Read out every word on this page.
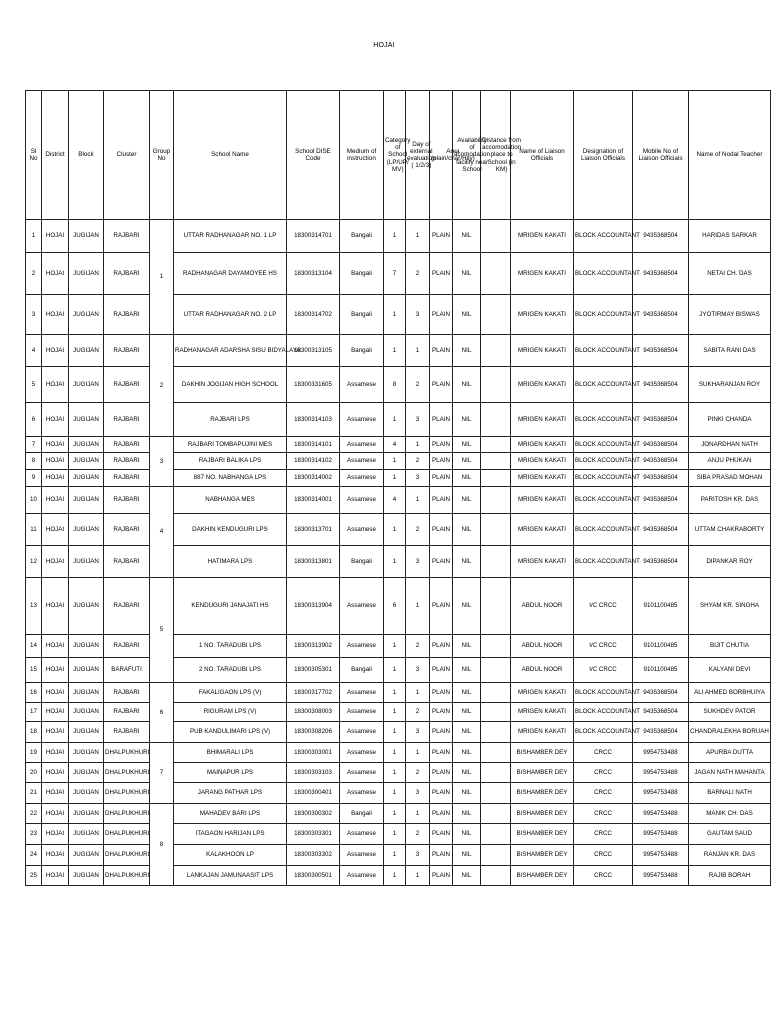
HOJAI
Sl No	District	Block	Cluster	Group No	School Name	School DISE Code	Medium of instruction	Category of School (LP/UP/ MV)	Day of external evaluation ( 1/2/3)	Area (plain/char/Hily)	Availability of acomodation facility near School	Distance from accomodation place to School (in KM)	Name of Liaison Officials	Designation of Liaison Officials	Mobile No of Liaison Officials	Name of Nodal Teacher
1	HOJAI	JUGIJAN	RAJBARI	1	UTTAR RADHANAGAR NO. 1 LP	18300314701	Bangali	1	1	PLAIN	NIL		MRIGEN KAKATI	BLOCK ACCOUNTANT	9435368504	HARIDAS SARKAR
2	HOJAI	JUGIJAN	RAJBARI		RADHANAGAR DAYAMOYEE HS	18300313104	Bangali	7	2	PLAIN	NIL		MRIGEN KAKATI	BLOCK ACCOUNTANT	9435368504	NETAI CH. DAS
3	HOJAI	JUGIJAN	RAJBARI		UTTAR RADHANAGAR NO. 2 LP	18300314702	Bangali	1	3	PLAIN	NIL		MRIGEN KAKATI	BLOCK ACCOUNTANT	9435368504	JYOTIRMAY BISWAS
4	HOJAI	JUGIJAN	RAJBARI	2	RADHANAGAR ADARSHA SISU BIDYALAYA	18300313105	Bangali	1	1	PLAIN	NIL		MRIGEN KAKATI	BLOCK ACCOUNTANT	9435368504	SABITA RANI DAS
5	HOJAI	JUGIJAN	RAJBARI		DAKHIN JOGIJAN HIGH SCHOOL	18300331605	Assamese	8	2	PLAIN	NIL		MRIGEN KAKATI	BLOCK ACCOUNTANT	9435368504	SUKHARANJAN ROY
6	HOJAI	JUGIJAN	RAJBARI		RAJBARI LPS	18300314103	Assamese	1	3	PLAIN	NIL		MRIGEN KAKATI	BLOCK ACCOUNTANT	9435368504	PINKI CHANDA
7	HOJAI	JUGIJAN	RAJBARI	3	RAJBARI TOMBAPUJINI MES	18300314101	Assamese	4	1	PLAIN	NIL		MRIGEN KAKATI	BLOCK ACCOUNTANT	9435368504	JONARDHAN NATH
8	HOJAI	JUGIJAN	RAJBARI		RAJBARI BALIKA LPS	18300314102	Assamese	1	2	PLAIN	NIL		MRIGEN KAKATI	BLOCK ACCOUNTANT	9435368504	ANJU PHUKAN
9	HOJAI	JUGIJAN	RAJBARI		887 NO. NABHANGA LPS	18300314002	Assamese	1	3	PLAIN	NIL		MRIGEN KAKATI	BLOCK ACCOUNTANT	9435368504	SIBA PRASAD MOHAN
10	HOJAI	JUGIJAN	RAJBARI	4	NABHANGA MES	18300314001	Assamese	4	1	PLAIN	NIL		MRIGEN KAKATI	BLOCK ACCOUNTANT	9435368504	PARITOSH KR. DAS
11	HOJAI	JUGIJAN	RAJBARI		DAKHIN KENDUGURI LPS	18300313701	Assamese	1	2	PLAIN	NIL		MRIGEN KAKATI	BLOCK ACCOUNTANT	9435368504	UTTAM CHAKRABORTY
12	HOJAI	JUGIJAN	RAJBARI		HATIMARA LPS	18300313801	Bangali	1	3	PLAIN	NIL		MRIGEN KAKATI	BLOCK ACCOUNTANT	9435368504	DIPANKAR ROY
13	HOJAI	JUGIJAN	RAJBARI	5	KENDUGURI JANAJATI HS	18300313904	Assamese	6	1	PLAIN	NIL		ABDUL NOOR	I/C CRCC	9101100485	SHYAM KR. SINGHA
14	HOJAI	JUGIJAN	RAJBARI		1 NO. TARADUBI LPS	18300313902	Assamese	1	2	PLAIN	NIL		ABDUL NOOR	I/C CRCC	9101100485	BIJIT CHUTIA
15	HOJAI	JUGIJAN	BARAFUTI		2 NO. TARADUBI LPS	18300305301	Bangali	1	3	PLAIN	NIL		ABDUL NOOR	I/C CRCC	9101100485	KALYANI DEVI
16	HOJAI	JUGIJAN	RAJBARI	6	FAKALIGAON LPS (V)	18300317702	Assamese	1	1	PLAIN	NIL		MRIGEN KAKATI	BLOCK ACCOUNTANT	9435368504	ALI AHMED BORBHUIYA
17	HOJAI	JUGIJAN	RAJBARI		RIGURAM LPS (V)	18300308003	Assamese	1	2	PLAIN	NIL		MRIGEN KAKATI	BLOCK ACCOUNTANT	9435368504	SUKHDEV PATOR
18	HOJAI	JUGIJAN	RAJBARI		PUB KANDULIMARI LPS (V)	18300308206	Assamese	1	3	PLAIN	NIL		MRIGEN KAKATI	BLOCK ACCOUNTANT	9435368504	CHANDRALEKHA BORUAH
19	HOJAI	JUGIJAN	DHALPUKHURI	7	BHIMARALI LPS	18300303001	Assamese	1	1	PLAIN	NIL		BISHAMBER DEY	CRCC	9954753488	APURBA DUTTA
20	HOJAI	JUGIJAN	DHALPUKHURI		MAINAPUR LPS	18300303103	Assamese	1	2	PLAIN	NIL		BISHAMBER DEY	CRCC	9954753488	JAGAN NATH MAHANTA
21	HOJAI	JUGIJAN	DHALPUKHURI		JARANG PATHAR LPS	18300300401	Assamese	1	3	PLAIN	NIL		BISHAMBER DEY	CRCC	9954753488	BARNALI NATH
22	HOJAI	JUGIJAN	DHALPUKHURI	8	MAHADEV BARI LPS	18300300302	Bangali	1	1	PLAIN	NIL		BISHAMBER DEY	CRCC	9954753488	MANIK CH. DAS
23	HOJAI	JUGIJAN	DHALPUKHURI		ITAGAON HARIJAN LPS	18300303301	Assamese	1	2	PLAIN	NIL		BISHAMBER DEY	CRCC	9954753488	GAUTAM SAUD
24	HOJAI	JUGIJAN	DHALPUKHURI		KALAKHOON LP	18300303302	Assamese	1	3	PLAIN	NIL		BISHAMBER DEY	CRCC	9954753488	RANJAN KR. DAS
25	HOJAI	JUGIJAN	DHALPUKHURI		LANKAJAN JAMUNAASIT LPS	18300300501	Assamese	1	1	PLAIN	NIL		BISHAMBER DEY	CRCC	9954753488	RAJIB BORAH
